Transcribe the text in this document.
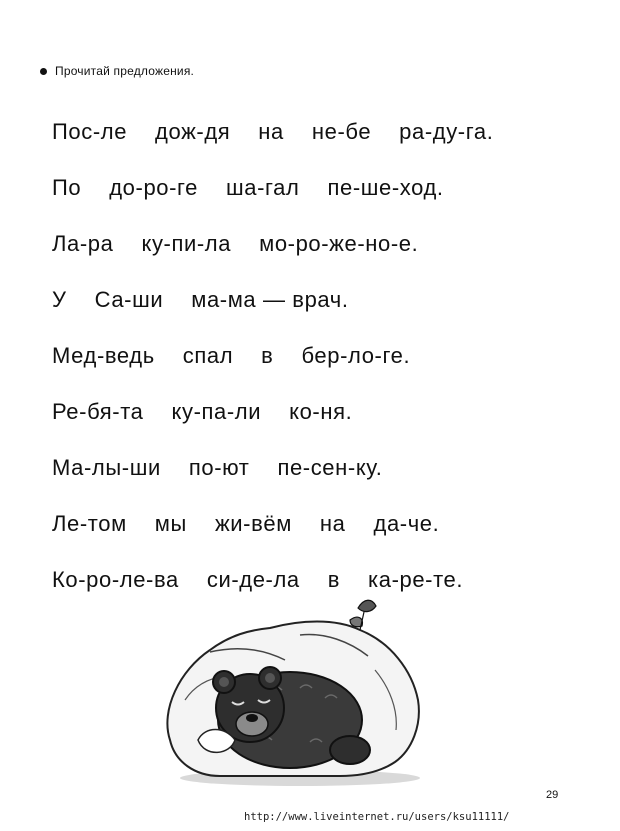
Прочитай предложения.
Пос-ле дож-дя на не-бе ра-ду-га.
По до-ро-ге ша-гал пе-ше-ход.
Ла-ра ку-пи-ла мо-ро-же-но-е.
У Са-ши ма-ма — врач.
Мед-ведь спал в бер-ло-ге.
Ре-бя-та ку-па-ли ко-ня.
Ма-лы-ши по-ют пе-сен-ку.
Ле-том мы жи-вём на да-че.
Ко-ро-ле-ва си-де-ла в ка-ре-те.
29
http://www.liveinternet.ru/users/ksu11111/
